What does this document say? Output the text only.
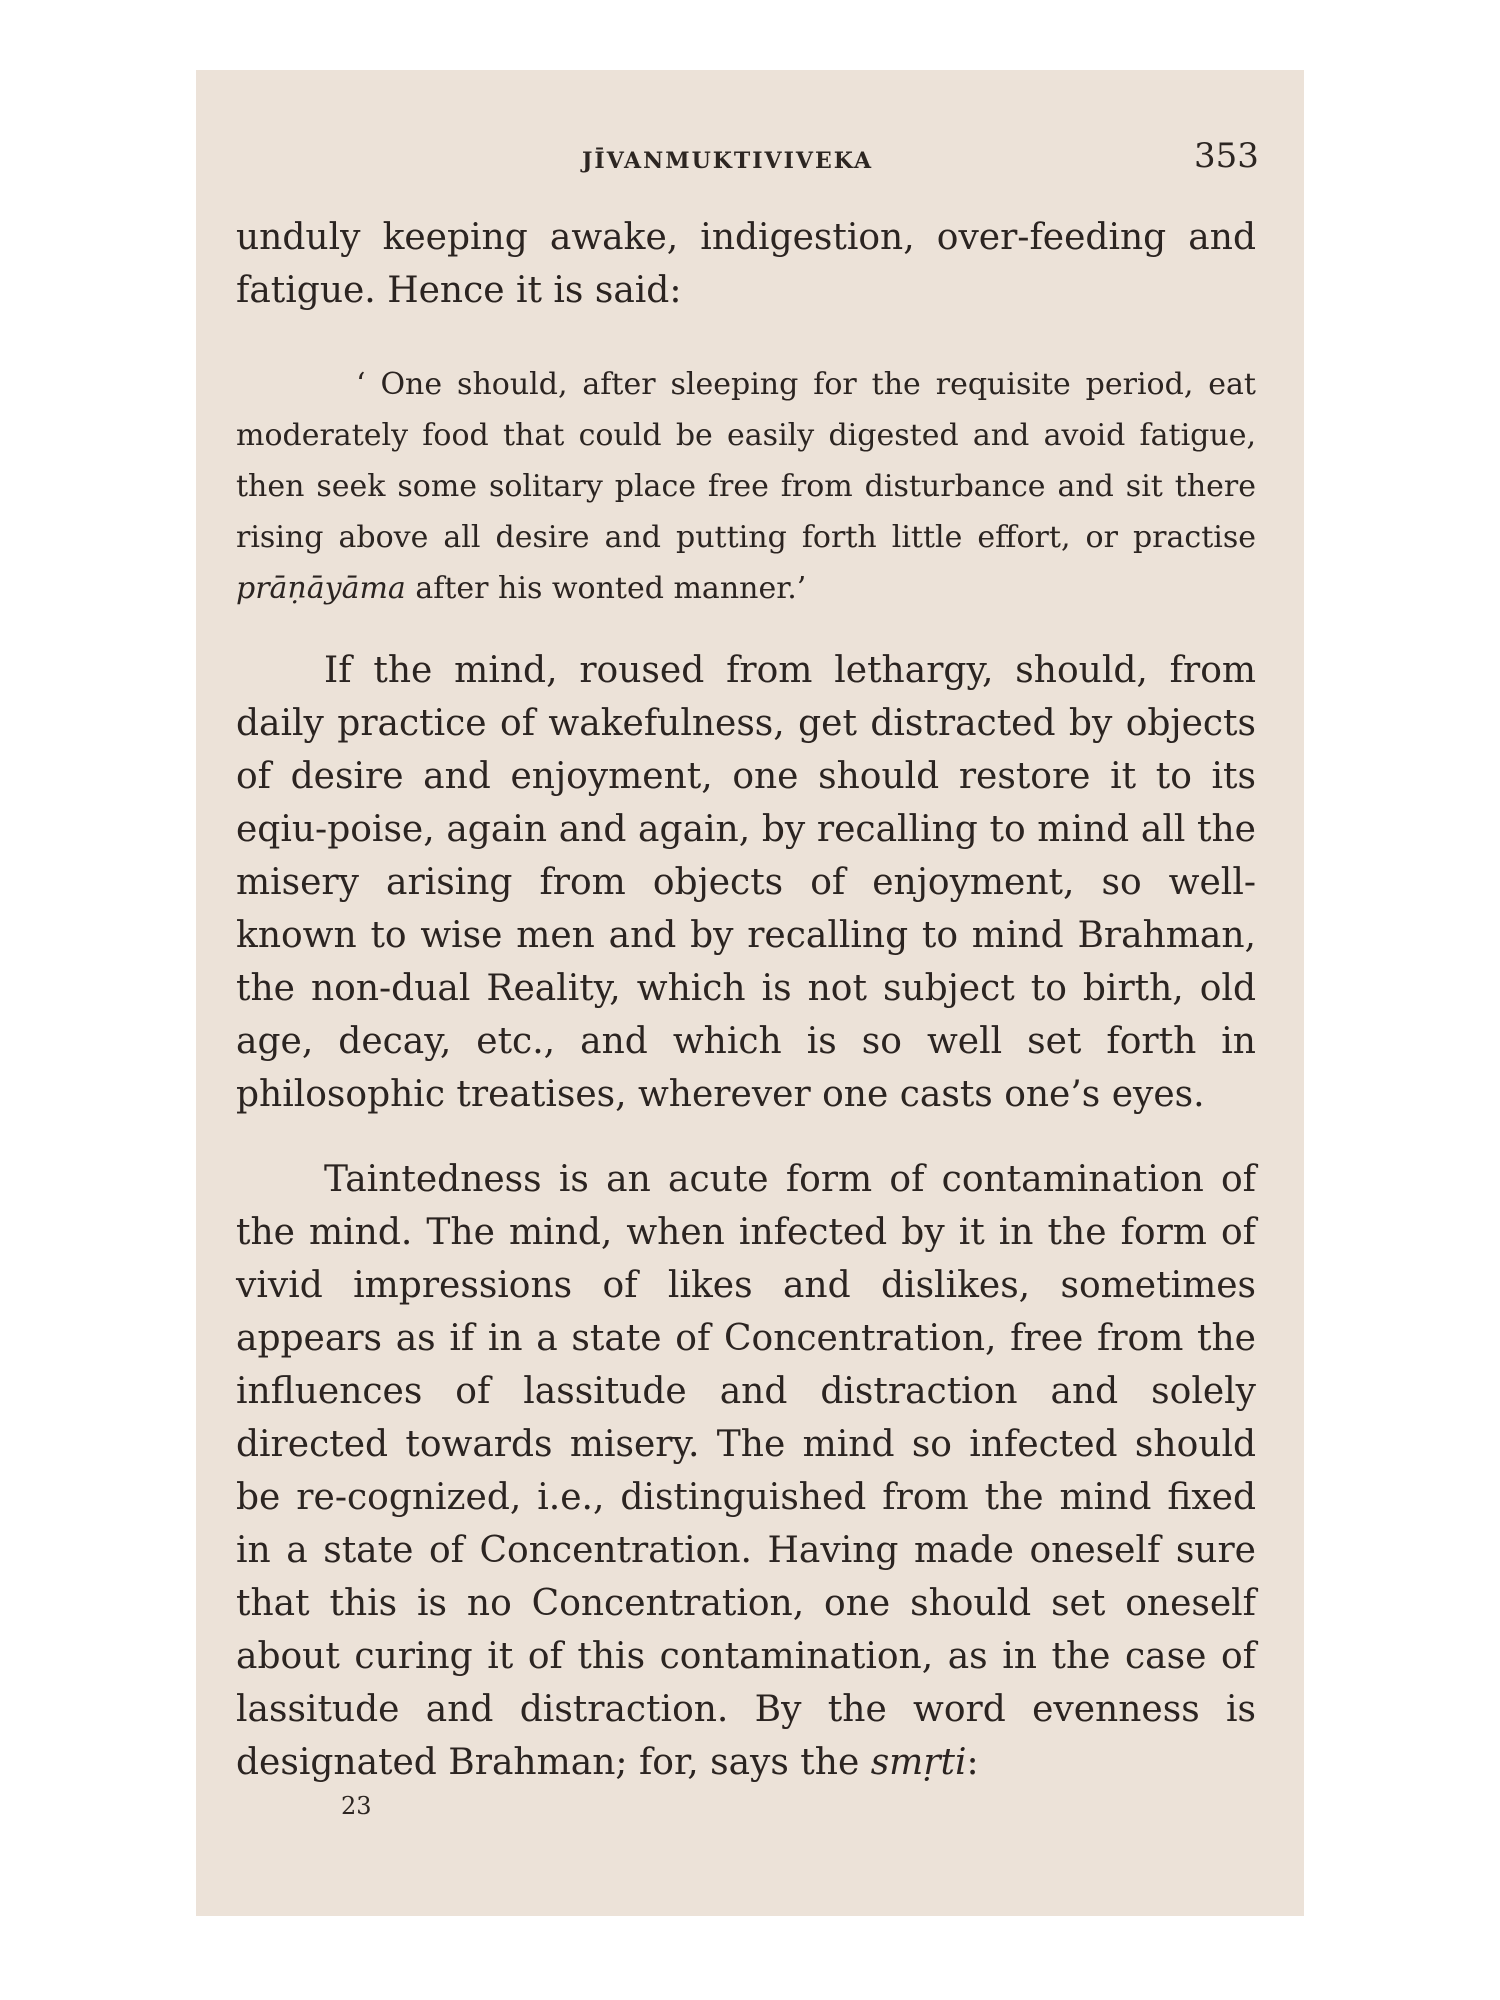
JĪVANMUKTIVIVEKA	353

unduly keeping awake, indigestion, over-feeding and fatigue. Hence it is said:

‘ One should, after sleeping for the requisite period, eat moderately food that could be easily digested and avoid fatigue, then seek some solitary place free from disturbance and sit there rising above all desire and putting forth little effort, or practise prāṇāyāma after his wonted manner.’

If the mind, roused from lethargy, should, from daily practice of wakefulness, get distracted by objects of desire and enjoyment, one should restore it to its eqiu-poise, again and again, by recalling to mind all the misery arising from objects of enjoyment, so well-known to wise men and by recalling to mind Brahman, the non-dual Reality, which is not subject to birth, old age, decay, etc., and which is so well set forth in philosophic treatises, wherever one casts one’s eyes.

Taintedness is an acute form of contamination of the mind. The mind, when infected by it in the form of vivid impressions of likes and dislikes, sometimes appears as if in a state of Concentration, free from the influences of lassitude and distraction and solely directed towards misery. The mind so infected should be re-cognized, i.e., distinguished from the mind fixed in a state of Concentration. Having made oneself sure that this is no Concentration, one should set oneself about curing it of this contamination, as in the case of lassitude and distraction. By the word evenness is designated Brahman; for, says the smṛti:

23
